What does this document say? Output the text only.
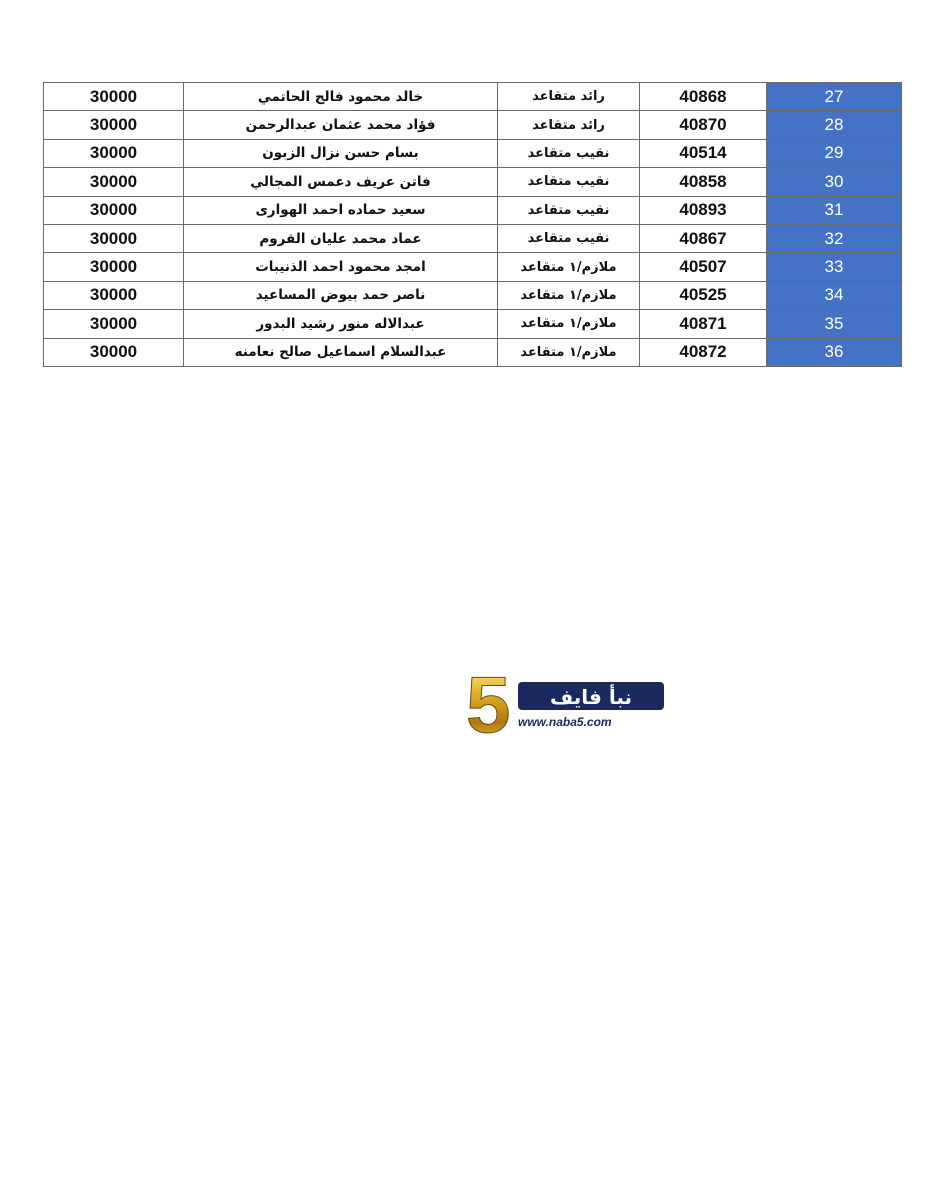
30000	خالد محمود فالح الحاتمي	رائد متقاعد	40868	27
30000	فؤاد محمد عثمان عبدالرحمن	رائد متقاعد	40870	28
30000	بسام حسن نزال الزبون	نقيب متقاعد	40514	29
30000	فاتن عريف دعمس المجالي	نقيب متقاعد	40858	30
30000	سعيد حماده احمد الهوارى	نقيب متقاعد	40893	31
30000	عماد محمد عليان القروم	نقيب متقاعد	40867	32
30000	امجد محمود احمد الذنيبات	ملازم/١ متقاعد	40507	33
30000	ناصر حمد بيوض المساعيد	ملازم/١ متقاعد	40525	34
30000	عبدالاله منور رشيد البدور	ملازم/١ متقاعد	40871	35
30000	عبدالسلام اسماعيل صالح نعامنه	ملازم/١ متقاعد	40872	36
5 نبأ فايف
www.naba5.com
